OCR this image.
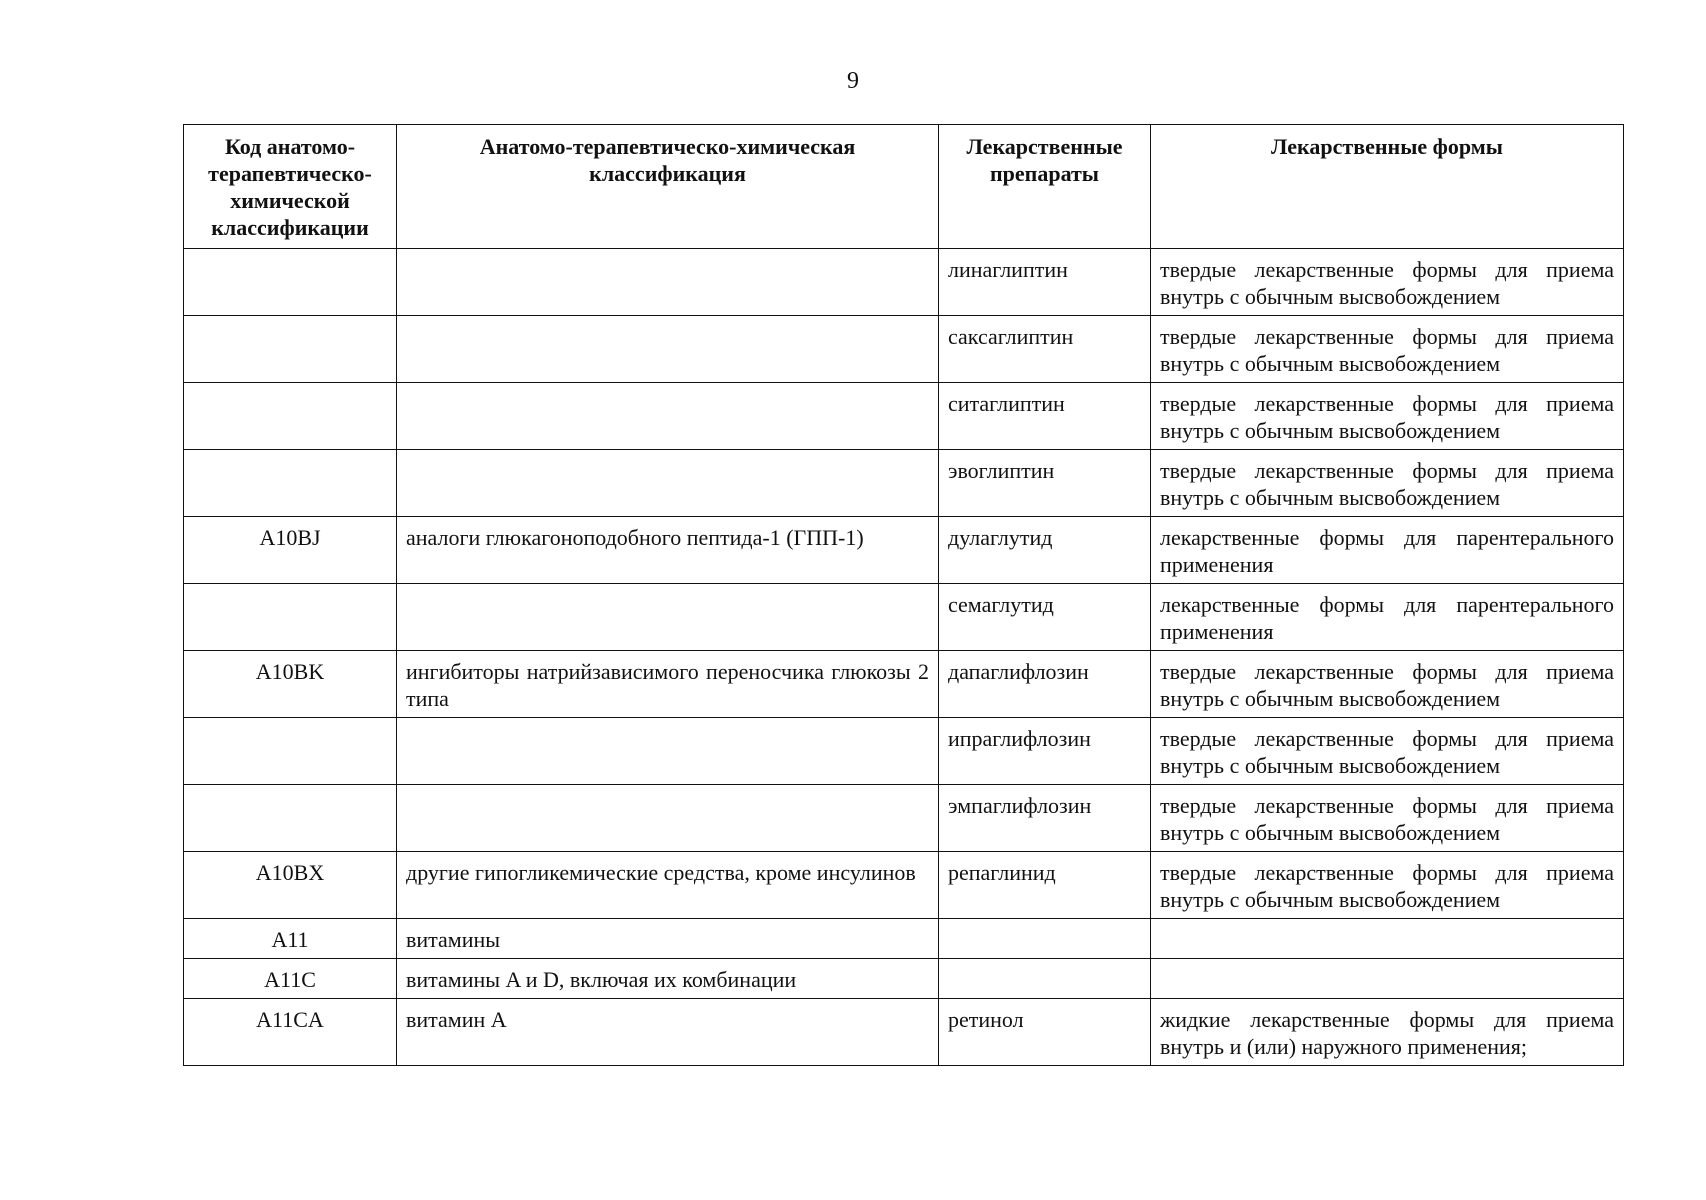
9
Код анатомо-терапевтическо-химической классификации	Анатомо-терапевтическо-химическая классификация	Лекарственные препараты	Лекарственные формы
		линаглиптин	твердые лекарственные формы для приема внутрь с обычным высвобождением
		саксаглиптин	твердые лекарственные формы для приема внутрь с обычным высвобождением
		ситаглиптин	твердые лекарственные формы для приема внутрь с обычным высвобождением
		эвоглиптин	твердые лекарственные формы для приема внутрь с обычным высвобождением
A10BJ	аналоги глюкагоноподобного пептида-1 (ГПП-1)	дулаглутид	лекарственные формы для парентерального применения
		семаглутид	лекарственные формы для парентерального применения
A10BK	ингибиторы натрийзависимого переносчика глюкозы 2 типа	дапаглифлозин	твердые лекарственные формы для приема внутрь с обычным высвобождением
		ипраглифлозин	твердые лекарственные формы для приема внутрь с обычным высвобождением
		эмпаглифлозин	твердые лекарственные формы для приема внутрь с обычным высвобождением
A10BX	другие гипогликемические средства, кроме инсулинов	репаглинид	твердые лекарственные формы для приема внутрь с обычным высвобождением
A11	витамины		
A11C	витамины A и D, включая их комбинации		
A11CA	витамин A	ретинол	жидкие лекарственные формы для приема внутрь и (или) наружного применения;
